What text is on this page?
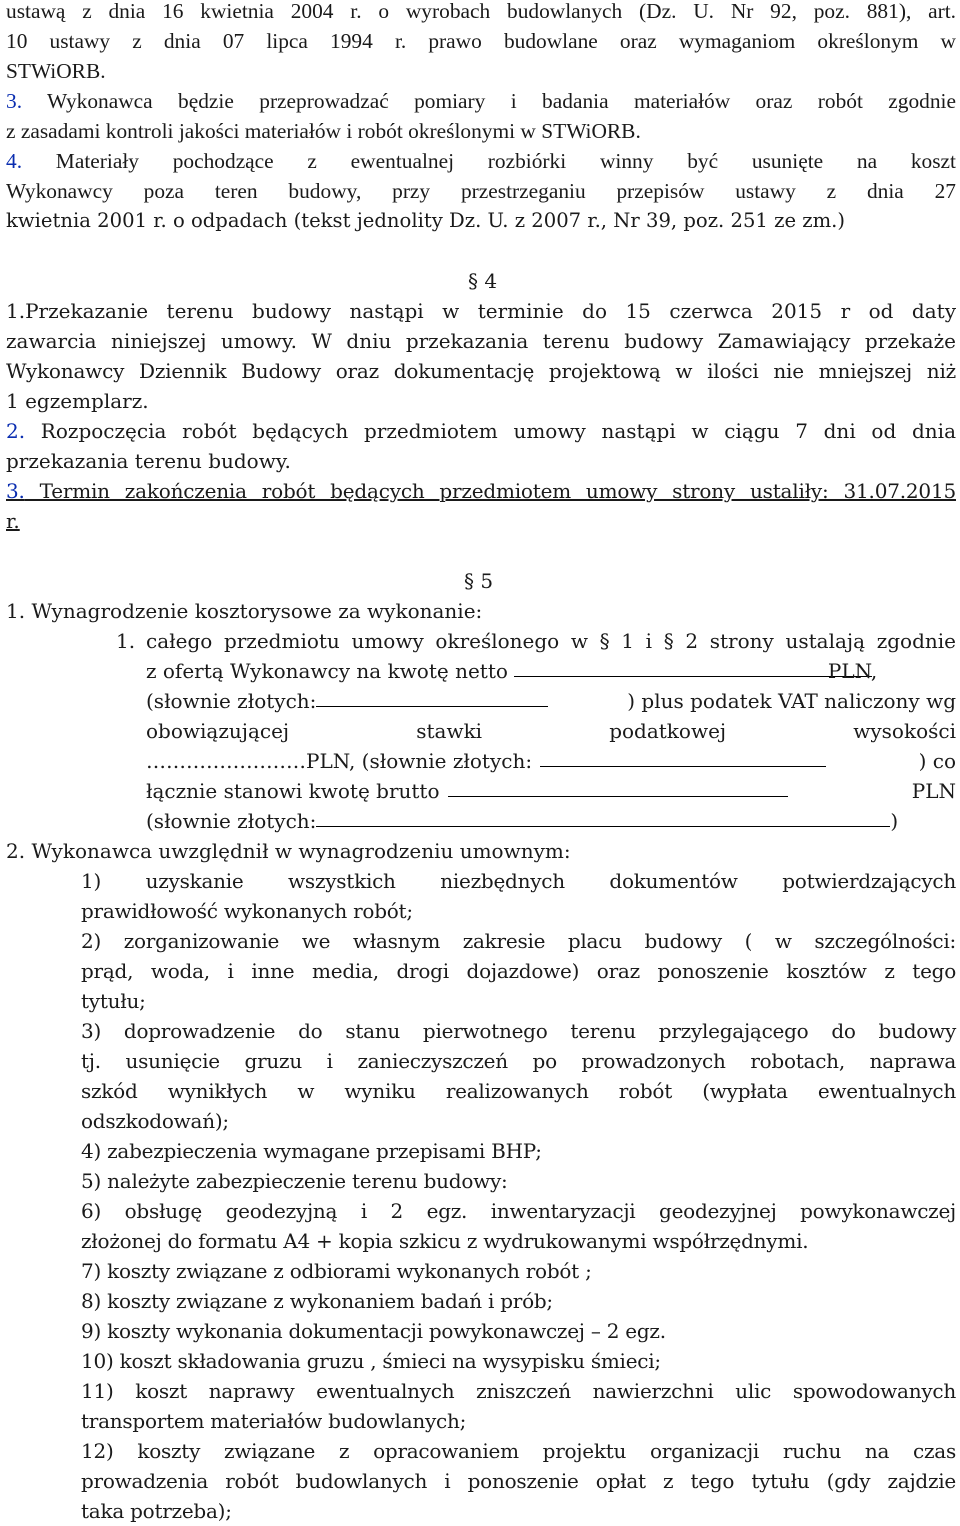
ustawą z dnia 16 kwietnia 2004 r. o wyrobach budowlanych (Dz. U. Nr 92, poz. 881), art.
10 ustawy z dnia 07 lipca 1994 r. prawo budowlane oraz wymaganiom określonym w
STWiORB.
3. Wykonawca będzie przeprowadzać pomiary i badania materiałów oraz robót zgodnie
z zasadami kontroli jakości materiałów i robót określonymi w STWiORB.
4. Materiały pochodzące z ewentualnej rozbiórki winny być usunięte na koszt
Wykonawcy poza teren budowy, przy przestrzeganiu przepisów ustawy z dnia 27
kwietnia 2001 r. o odpadach (tekst jednolity Dz. U. z 2007 r., Nr 39, poz. 251 ze zm.)
§ 4
1.Przekazanie terenu budowy nastąpi w terminie do 15 czerwca 2015 r od daty
zawarcia niniejszej umowy. W dniu przekazania terenu budowy Zamawiający przekaże
Wykonawcy Dziennik Budowy oraz dokumentację projektową w ilości nie mniejszej niż
1 egzemplarz.
2. Rozpoczęcia robót będących przedmiotem umowy nastąpi w ciągu 7 dni od dnia
przekazania terenu budowy.
3. Termin zakończenia robót będących przedmiotem umowy strony ustaliły: 31.07.2015
r.
§ 5
1. Wynagrodzenie kosztorysowe za wykonanie:
1. całego przedmiotu umowy określonego w § 1 i § 2 strony ustalają zgodnie
z ofertą Wykonawcy na kwotę netto	PLN,
(słownie złotych:	) plus podatek VAT naliczony wg
obowiązującej stawki podatkowej wysokości
……………………PLN, (słownie złotych:	) co
łącznie stanowi kwotę brutto	PLN
(słownie złotych:	)
2. Wykonawca uwzględnił w wynagrodzeniu umownym:
1) uzyskanie wszystkich niezbędnych dokumentów potwierdzających
prawidłowość wykonanych robót;
2) zorganizowanie we własnym zakresie placu budowy ( w szczególności:
prąd, woda, i inne media, drogi dojazdowe) oraz ponoszenie kosztów z tego
tytułu;
3) doprowadzenie do stanu pierwotnego terenu przylegającego do budowy
tj. usunięcie gruzu i zanieczyszczeń po prowadzonych robotach, naprawa
szkód wynikłych w wyniku realizowanych robót (wypłata ewentualnych
odszkodowań);
4) zabezpieczenia wymagane przepisami BHP;
5) należyte zabezpieczenie terenu budowy:
6) obsługę geodezyjną i 2 egz. inwentaryzacji geodezyjnej powykonawczej
złożonej do formatu A4 + kopia szkicu z wydrukowanymi współrzędnymi.
7) koszty związane z odbiorami wykonanych robót ;
8) koszty związane z wykonaniem badań i prób;
9) koszty wykonania dokumentacji powykonawczej – 2 egz.
10) koszt składowania gruzu , śmieci na wysypisku śmieci;
11) koszt naprawy ewentualnych zniszczeń nawierzchni ulic spowodowanych
transportem materiałów budowlanych;
12) koszty związane z opracowaniem projektu organizacji ruchu na czas
prowadzenia robót budowlanych i ponoszenie opłat z tego tytułu (gdy zajdzie
taka potrzeba);
